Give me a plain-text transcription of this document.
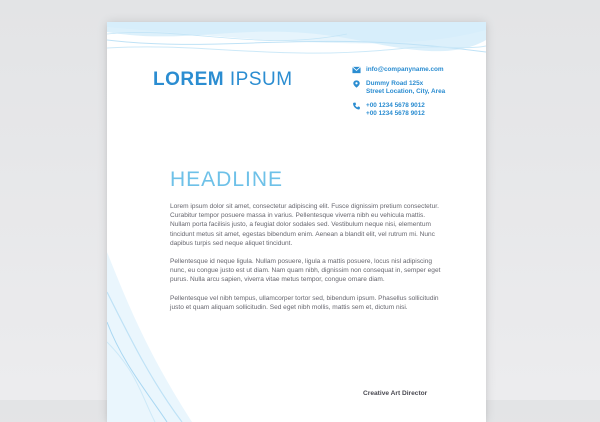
LOREM IPSUM	info@companyname.com
Dummy Road 125x
Street Location, City, Area
+00 1234 5678 9012
+00 1234 5678 9012
HEADLINE

Lorem ipsum dolor sit amet, consectetur adipiscing elit. Fusce dignissim pretium consectetur. Curabitur tempor posuere massa in varius. Pellentesque viverra nibh eu vehicula mattis. Nullam porta facilisis justo, a feugiat dolor sodales sed. Vestibulum neque nisi, elementum tincidunt metus sit amet, egestas bibendum enim. Aenean a blandit elit, vel rutrum mi. Nunc dapibus turpis sed neque aliquet tincidunt.

Pellentesque id neque ligula. Nullam posuere, ligula a mattis posuere, locus nisl adipiscing nunc, eu congue justo est ut diam. Nam quam nibh, dignissim non consequat in, semper eget purus. Nulla arcu sapien, viverra vitae metus tempor, congue ornare diam.

Pellentesque vel nibh tempus, ullamcorper tortor sed, bibendum ipsum. Phasellus sollicitudin justo et quam aliquam sollicitudin. Sed eget nibh mollis, mattis sem et, dictum nisi.

Creative Art Director
